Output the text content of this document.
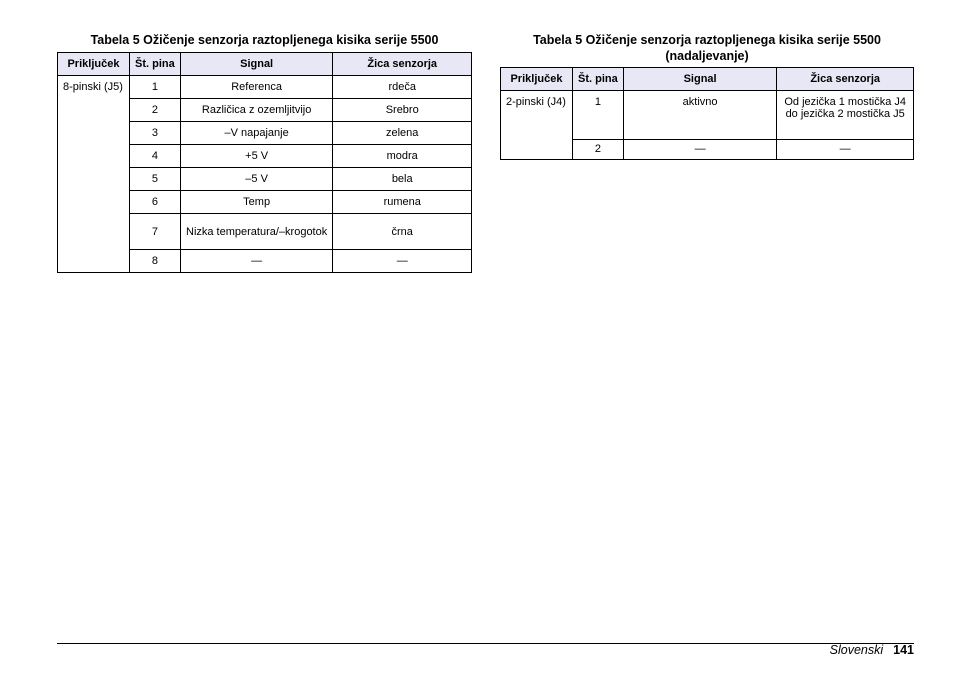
Tabela 5 Ožičenje senzorja raztopljenega kisika serije 5500
Priključek	Št. pina	Signal	Žica senzorja
8-pinski (J5)	1	Referenca	rdeča
	2	Različica z ozemljitvijo	Srebro
	3	–V napajanje	zelena
	4	+5 V	modra
	5	–5 V	bela
	6	Temp	rumena
	7	Nizka temperatura/–krogotok	črna
	8	—	—
Tabela 5 Ožičenje senzorja raztopljenega kisika serije 5500
(nadaljevanje)
Priključek	Št. pina	Signal	Žica senzorja
2-pinski (J4)	1	aktivno	Od jezička 1 mostička J4 do jezička 2 mostička J5
	2	—	—
Slovenski 141
